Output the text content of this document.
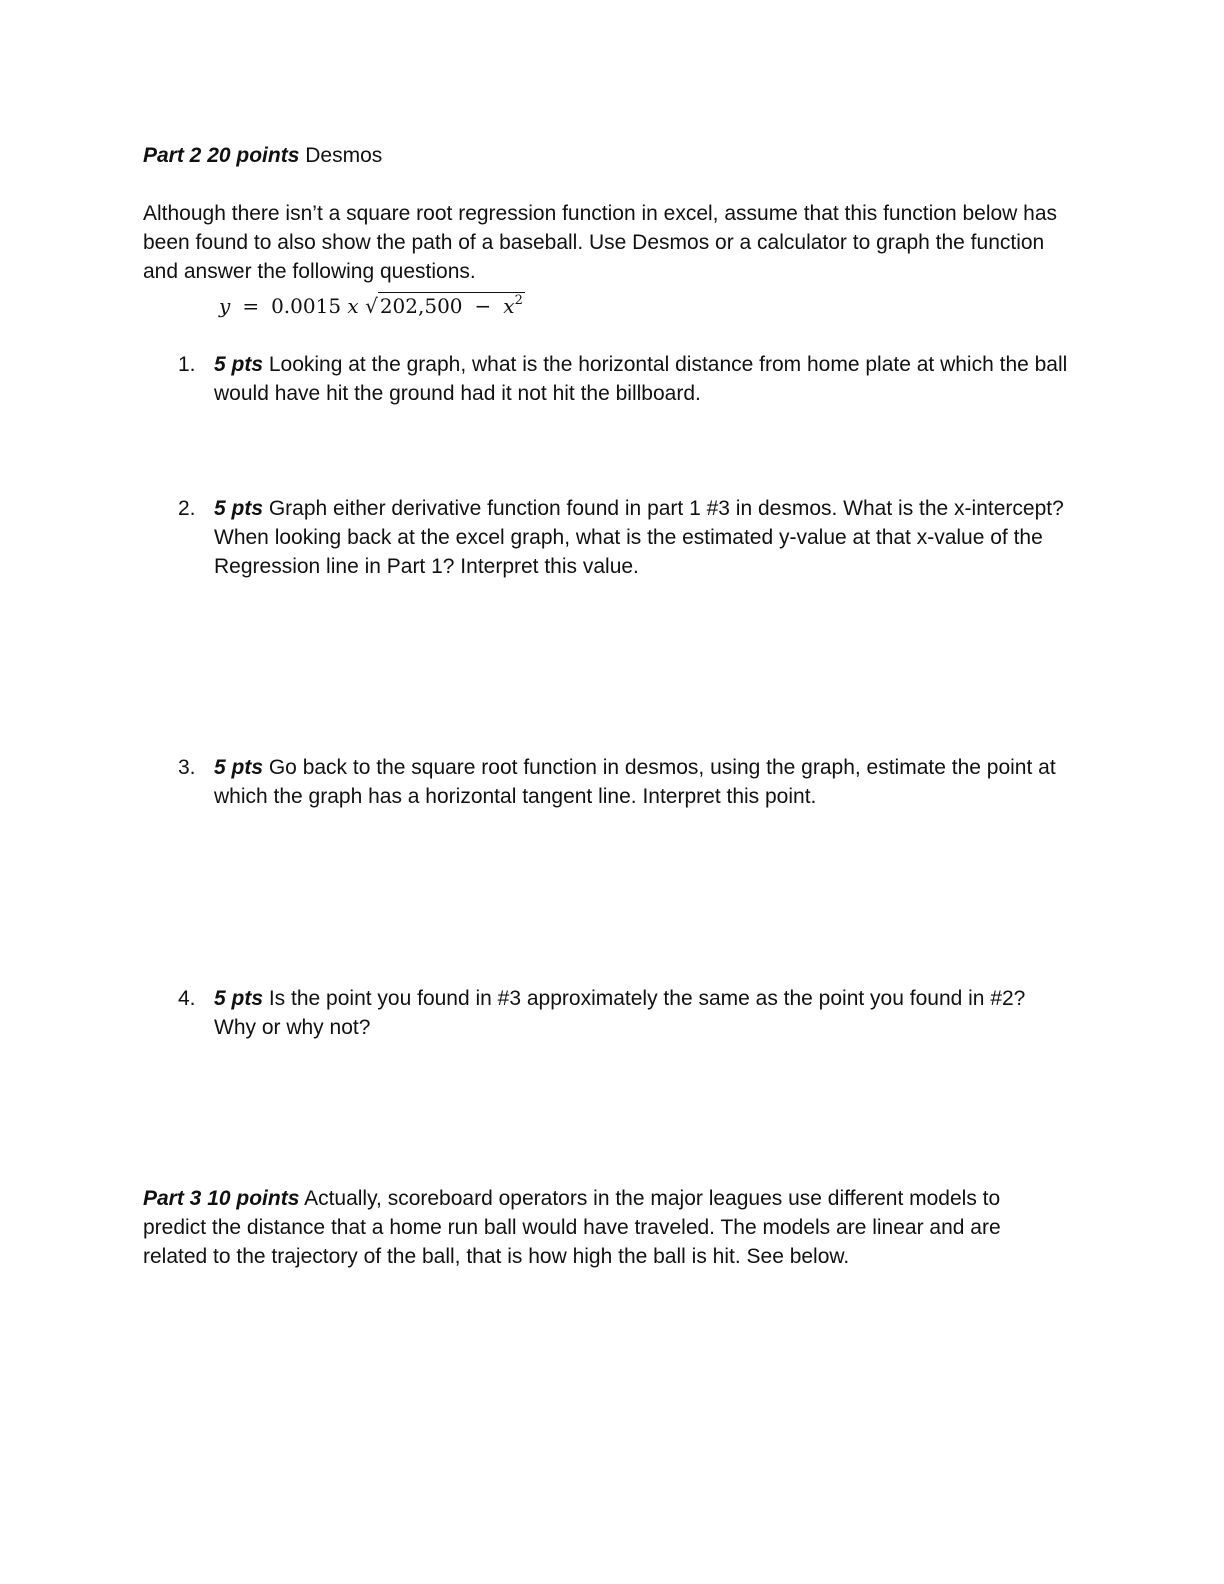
Part 2 20 points Desmos
Although there isn’t a square root regression function in excel, assume that this function below has been found to also show the path of a baseball. Use Desmos or a calculator to graph the function and answer the following questions.
y = 0.0015 x √ $202,500 - x^2$
1. 5 pts Looking at the graph, what is the horizontal distance from home plate at which the ball would have hit the ground had it not hit the billboard.
2. 5 pts Graph either derivative function found in part 1 #3 in desmos. What is the x-intercept? When looking back at the excel graph, what is the estimated y-value at that x-value of the Regression line in Part 1? Interpret this value.
3. 5 pts Go back to the square root function in desmos, using the graph, estimate the point at which the graph has a horizontal tangent line. Interpret this point.
4. 5 pts Is the point you found in #3 approximately the same as the point you found in #2? Why or why not?
Part 3 10 points Actually, scoreboard operators in the major leagues use different models to predict the distance that a home run ball would have traveled. The models are linear and are related to the trajectory of the ball, that is how high the ball is hit. See below.
